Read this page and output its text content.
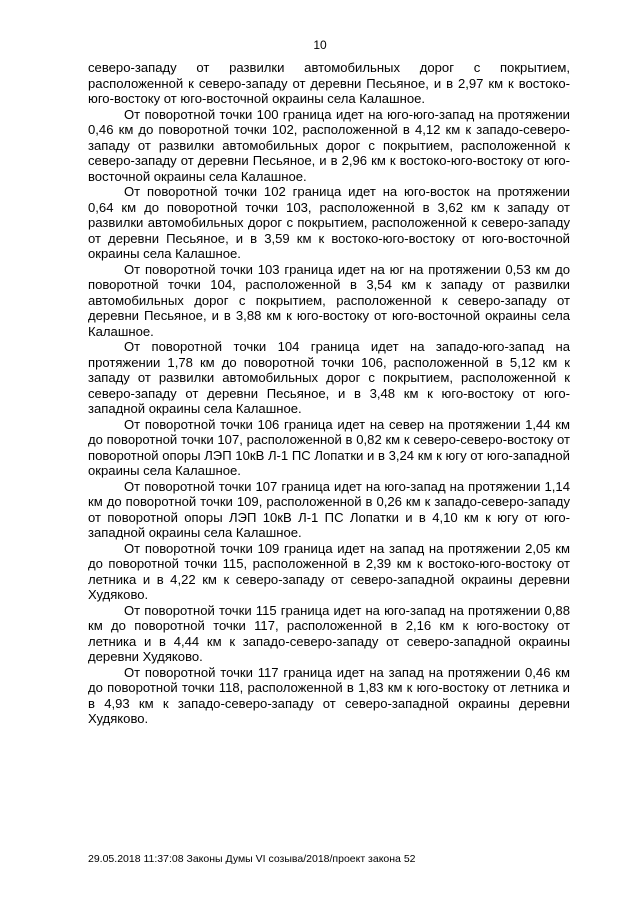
10

северо-западу от развилки автомобильных дорог с покрытием, расположенной к северо-западу от деревни Песьяное, и в 2,97 км к востоко-юго-востоку от юго-восточной окраины села Калашное.

От поворотной точки 100 граница идет на юго-юго-запад на протяжении 0,46 км до поворотной точки 102, расположенной в 4,12 км к западо-северо-западу от развилки автомобильных дорог с покрытием, расположенной к северо-западу от деревни Песьяное, и в 2,96 км к востоко-юго-востоку от юго-восточной окраины села Калашное.

От поворотной точки 102 граница идет на юго-восток на протяжении 0,64 км до поворотной точки 103, расположенной в 3,62 км к западу от развилки автомобильных дорог с покрытием, расположенной к северо-западу от деревни Песьяное, и в 3,59 км к востоко-юго-востоку от юго-восточной окраины села Калашное.

От поворотной точки 103 граница идет на юг на протяжении 0,53 км до поворотной точки 104, расположенной в 3,54 км к западу от развилки автомобильных дорог с покрытием, расположенной к северо-западу от деревни Песьяное, и в 3,88 км к юго-востоку от юго-восточной окраины села Калашное.

От поворотной точки 104 граница идет на западо-юго-запад на протяжении 1,78 км до поворотной точки 106, расположенной в 5,12 км к западу от развилки автомобильных дорог с покрытием, расположенной к северо-западу от деревни Песьяное, и в 3,48 км к юго-востоку от юго-западной окраины села Калашное.

От поворотной точки 106 граница идет на север на протяжении 1,44 км до поворотной точки 107, расположенной в 0,82 км к северо-северо-востоку от поворотной опоры ЛЭП 10кВ Л-1 ПС Лопатки и в 3,24 км к югу от юго-западной окраины села Калашное.

От поворотной точки 107 граница идет на юго-запад на протяжении 1,14 км до поворотной точки 109, расположенной в 0,26 км к западо-северо-западу от поворотной опоры ЛЭП 10кВ Л-1 ПС Лопатки и в 4,10 км к югу от юго-западной окраины села Калашное.

От поворотной точки 109 граница идет на запад на протяжении 2,05 км до поворотной точки 115, расположенной в 2,39 км к востоко-юго-востоку от летника и в 4,22 км к северо-западу от северо-западной окраины деревни Худяково.

От поворотной точки 115 граница идет на юго-запад на протяжении 0,88 км до поворотной точки 117, расположенной в 2,16 км к юго-востоку от летника и в 4,44 км к западо-северо-западу от северо-западной окраины деревни Худяково.

От поворотной точки 117 граница идет на запад на протяжении 0,46 км до поворотной точки 118, расположенной в 1,83 км к юго-востоку от летника и в 4,93 км к западо-северо-западу от северо-западной окраины деревни Худяково.

29.05.2018 11:37:08 Законы Думы VI созыва/2018/проект закона 52
